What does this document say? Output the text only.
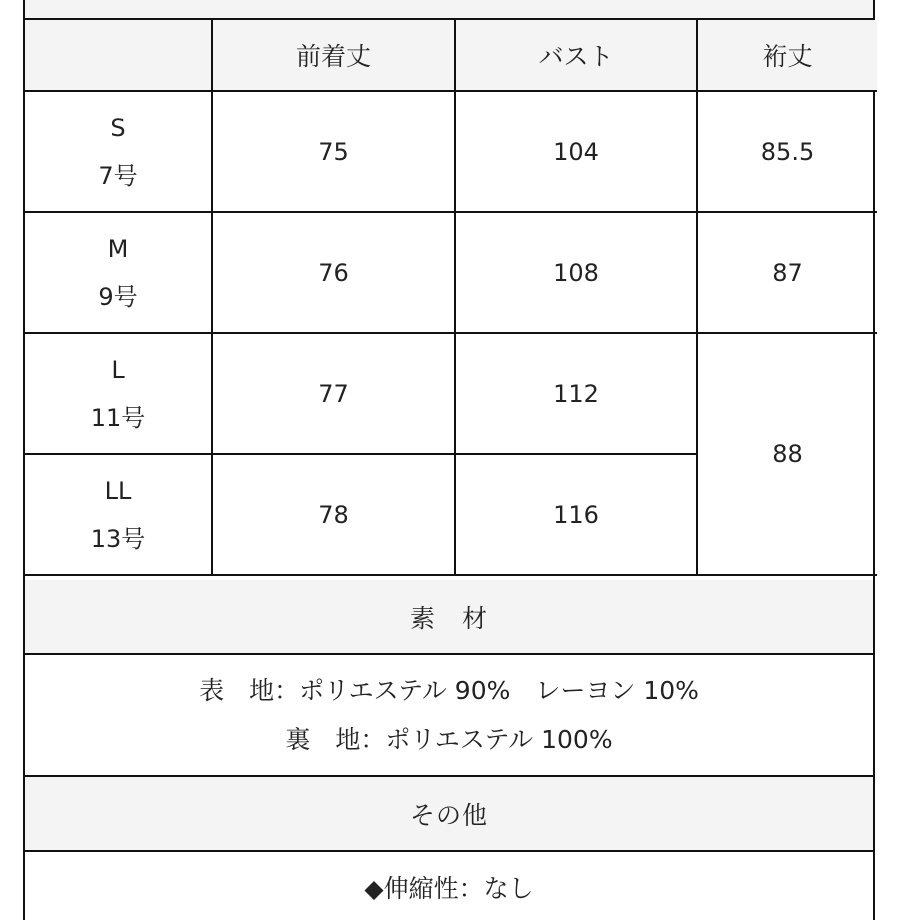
	前着丈	バスト	裄丈

S
7号	75	104	85.5

M
9号	76	108	87

L
11号	77	112	88

LL
13号	78	116	
素　材
表　地：ポリエステル 90%　レーヨン 10%
裏　地：ポリエステル 100%
その他
◆伸縮性：なし
